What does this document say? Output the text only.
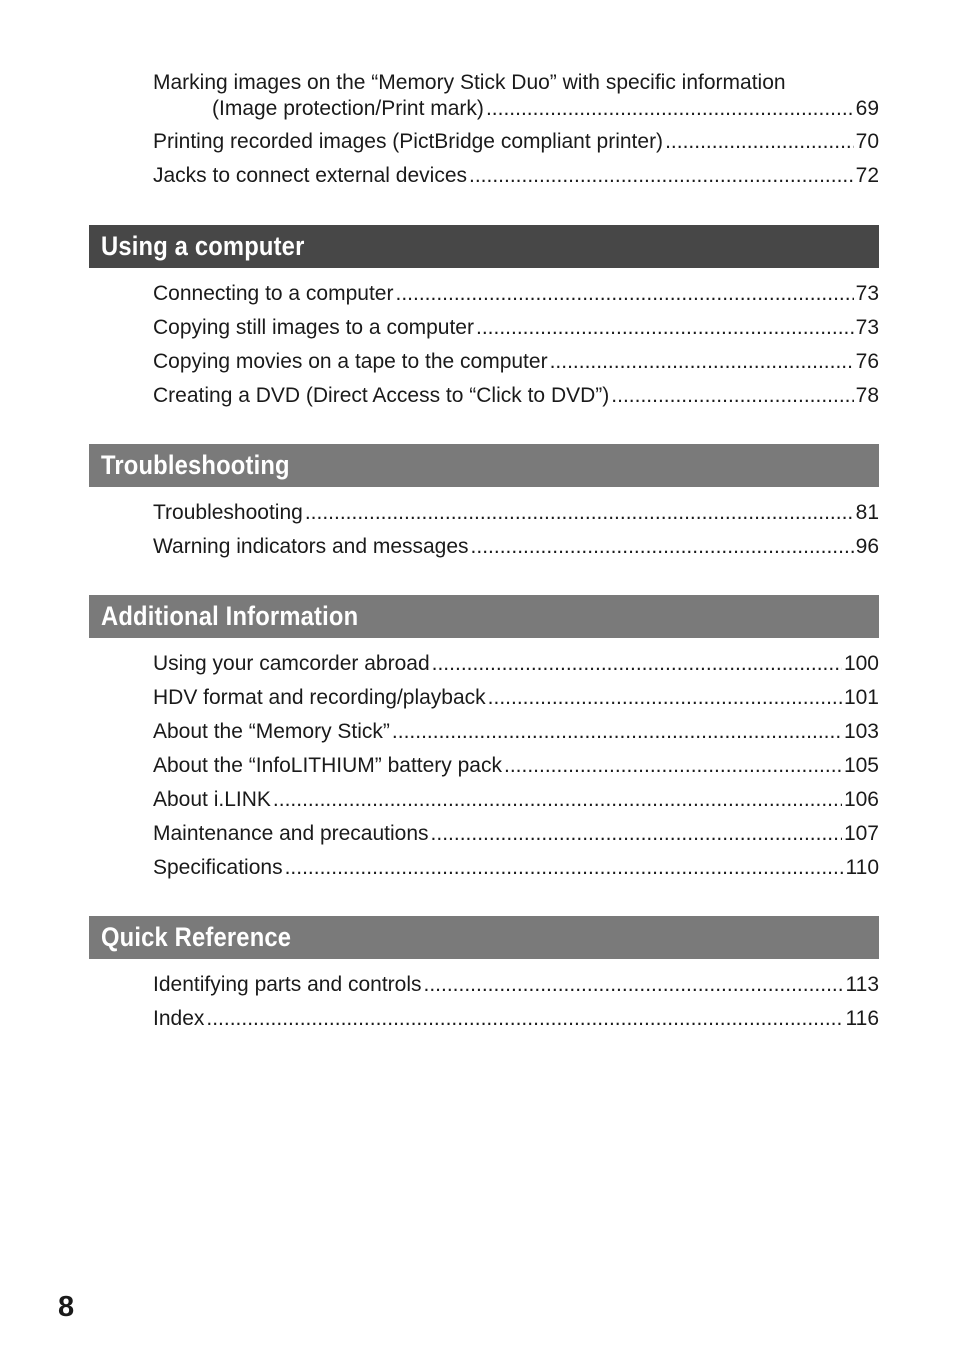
Marking images on the “Memory Stick Duo” with specific information
(Image protection/Print mark) .....	69
Printing recorded images (PictBridge compliant printer) .....	70
Jacks to connect external devices .....	72
Using a computer
Connecting to a computer .....	73
Copying still images to a computer .....	73
Copying movies on a tape to the computer .....	76
Creating a DVD (Direct Access to “Click to DVD”) .....	78
Troubleshooting
Troubleshooting .....	81
Warning indicators and messages .....	96
Additional Information
Using your camcorder abroad .....	100
HDV format and recording/playback .....	101
About the “Memory Stick” .....	103
About the “InfoLITHIUM” battery pack .....	105
About i.LINK .....	106
Maintenance and precautions .....	107
Specifications .....	110
Quick Reference
Identifying parts and controls .....	113
Index .....	116
8
